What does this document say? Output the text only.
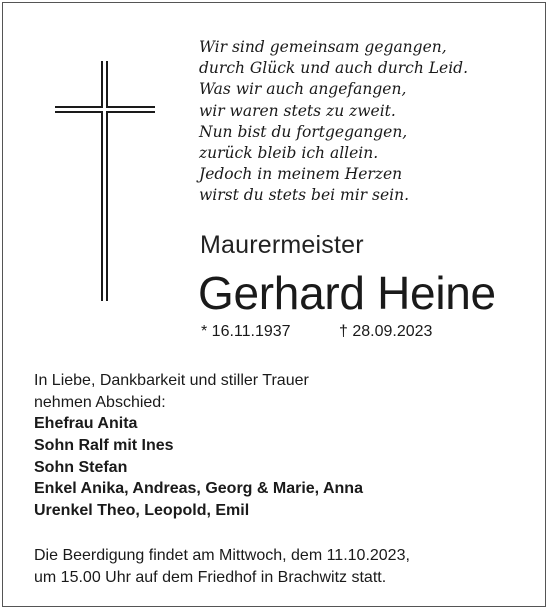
Wir sind gemeinsam gegangen,
durch Glück und auch durch Leid.
Was wir auch angefangen,
wir waren stets zu zweit.
Nun bist du fortgegangen,
zurück bleib ich allein.
Jedoch in meinem Herzen
wirst du stets bei mir sein.
Maurermeister
Gerhard Heine
* 16.11.1937	† 28.09.2023
In Liebe, Dankbarkeit und stiller Trauer
nehmen Abschied:
Ehefrau Anita
Sohn Ralf mit Ines
Sohn Stefan
Enkel Anika, Andreas, Georg & Marie, Anna
Urenkel Theo, Leopold, Emil
Die Beerdigung findet am Mittwoch, dem 11.10.2023,
um 15.00 Uhr auf dem Friedhof in Brachwitz statt.
